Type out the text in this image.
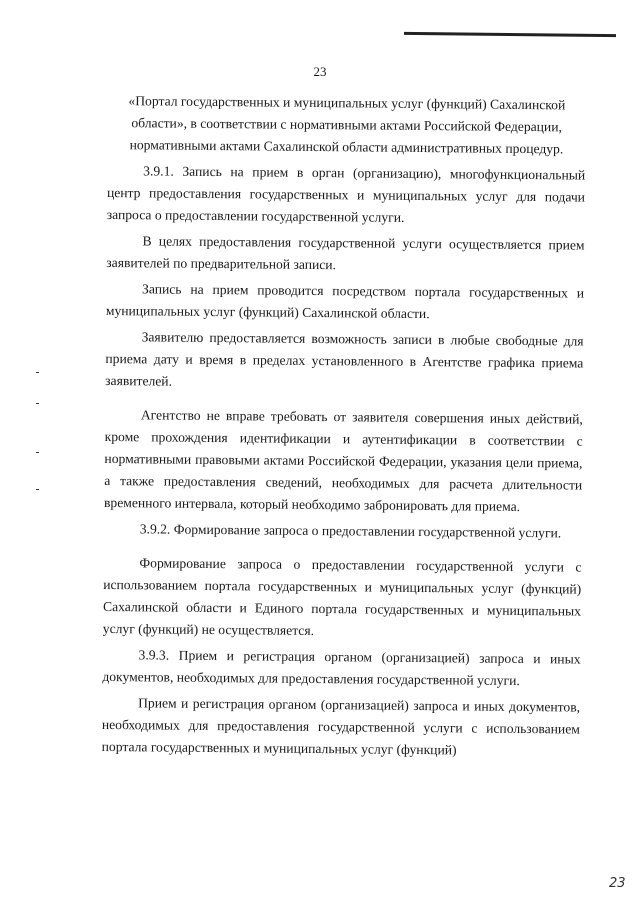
23

«Портал государственных и муниципальных услуг (функций) Сахалинской области», в соответствии с нормативными актами Российской Федерации, нормативными актами Сахалинской области административных процедур.

3.9.1. Запись на прием в орган (организацию), многофункциональный центр предоставления государственных и муниципальных услуг для подачи запроса о предоставлении государственной услуги.

В целях предоставления государственной услуги осуществляется прием заявителей по предварительной записи.

Запись на прием проводится посредством портала государственных и муниципальных услуг (функций) Сахалинской области.

Заявителю предоставляется возможность записи в любые свободные для приема дату и время в пределах установленного в Агентстве графика приема заявителей.

Агентство не вправе требовать от заявителя совершения иных действий, кроме прохождения идентификации и аутентификации в соответствии с нормативными правовыми актами Российской Федерации, указания цели приема, а также предоставления сведений, необходимых для расчета длительности временного интервала, который необходимо забронировать для приема.

3.9.2. Формирование запроса о предоставлении государственной услуги.

Формирование запроса о предоставлении государственной услуги с использованием портала государственных и муниципальных услуг (функций) Сахалинской области и Единого портала государственных и муниципальных услуг (функций) не осуществляется.

3.9.3. Прием и регистрация органом (организацией) запроса и иных документов, необходимых для предоставления государственной услуги.

Прием и регистрация органом (организацией) запроса и иных документов, необходимых для предоставления государственной услуги с использованием портала государственных и муниципальных услуг (функций)

23
